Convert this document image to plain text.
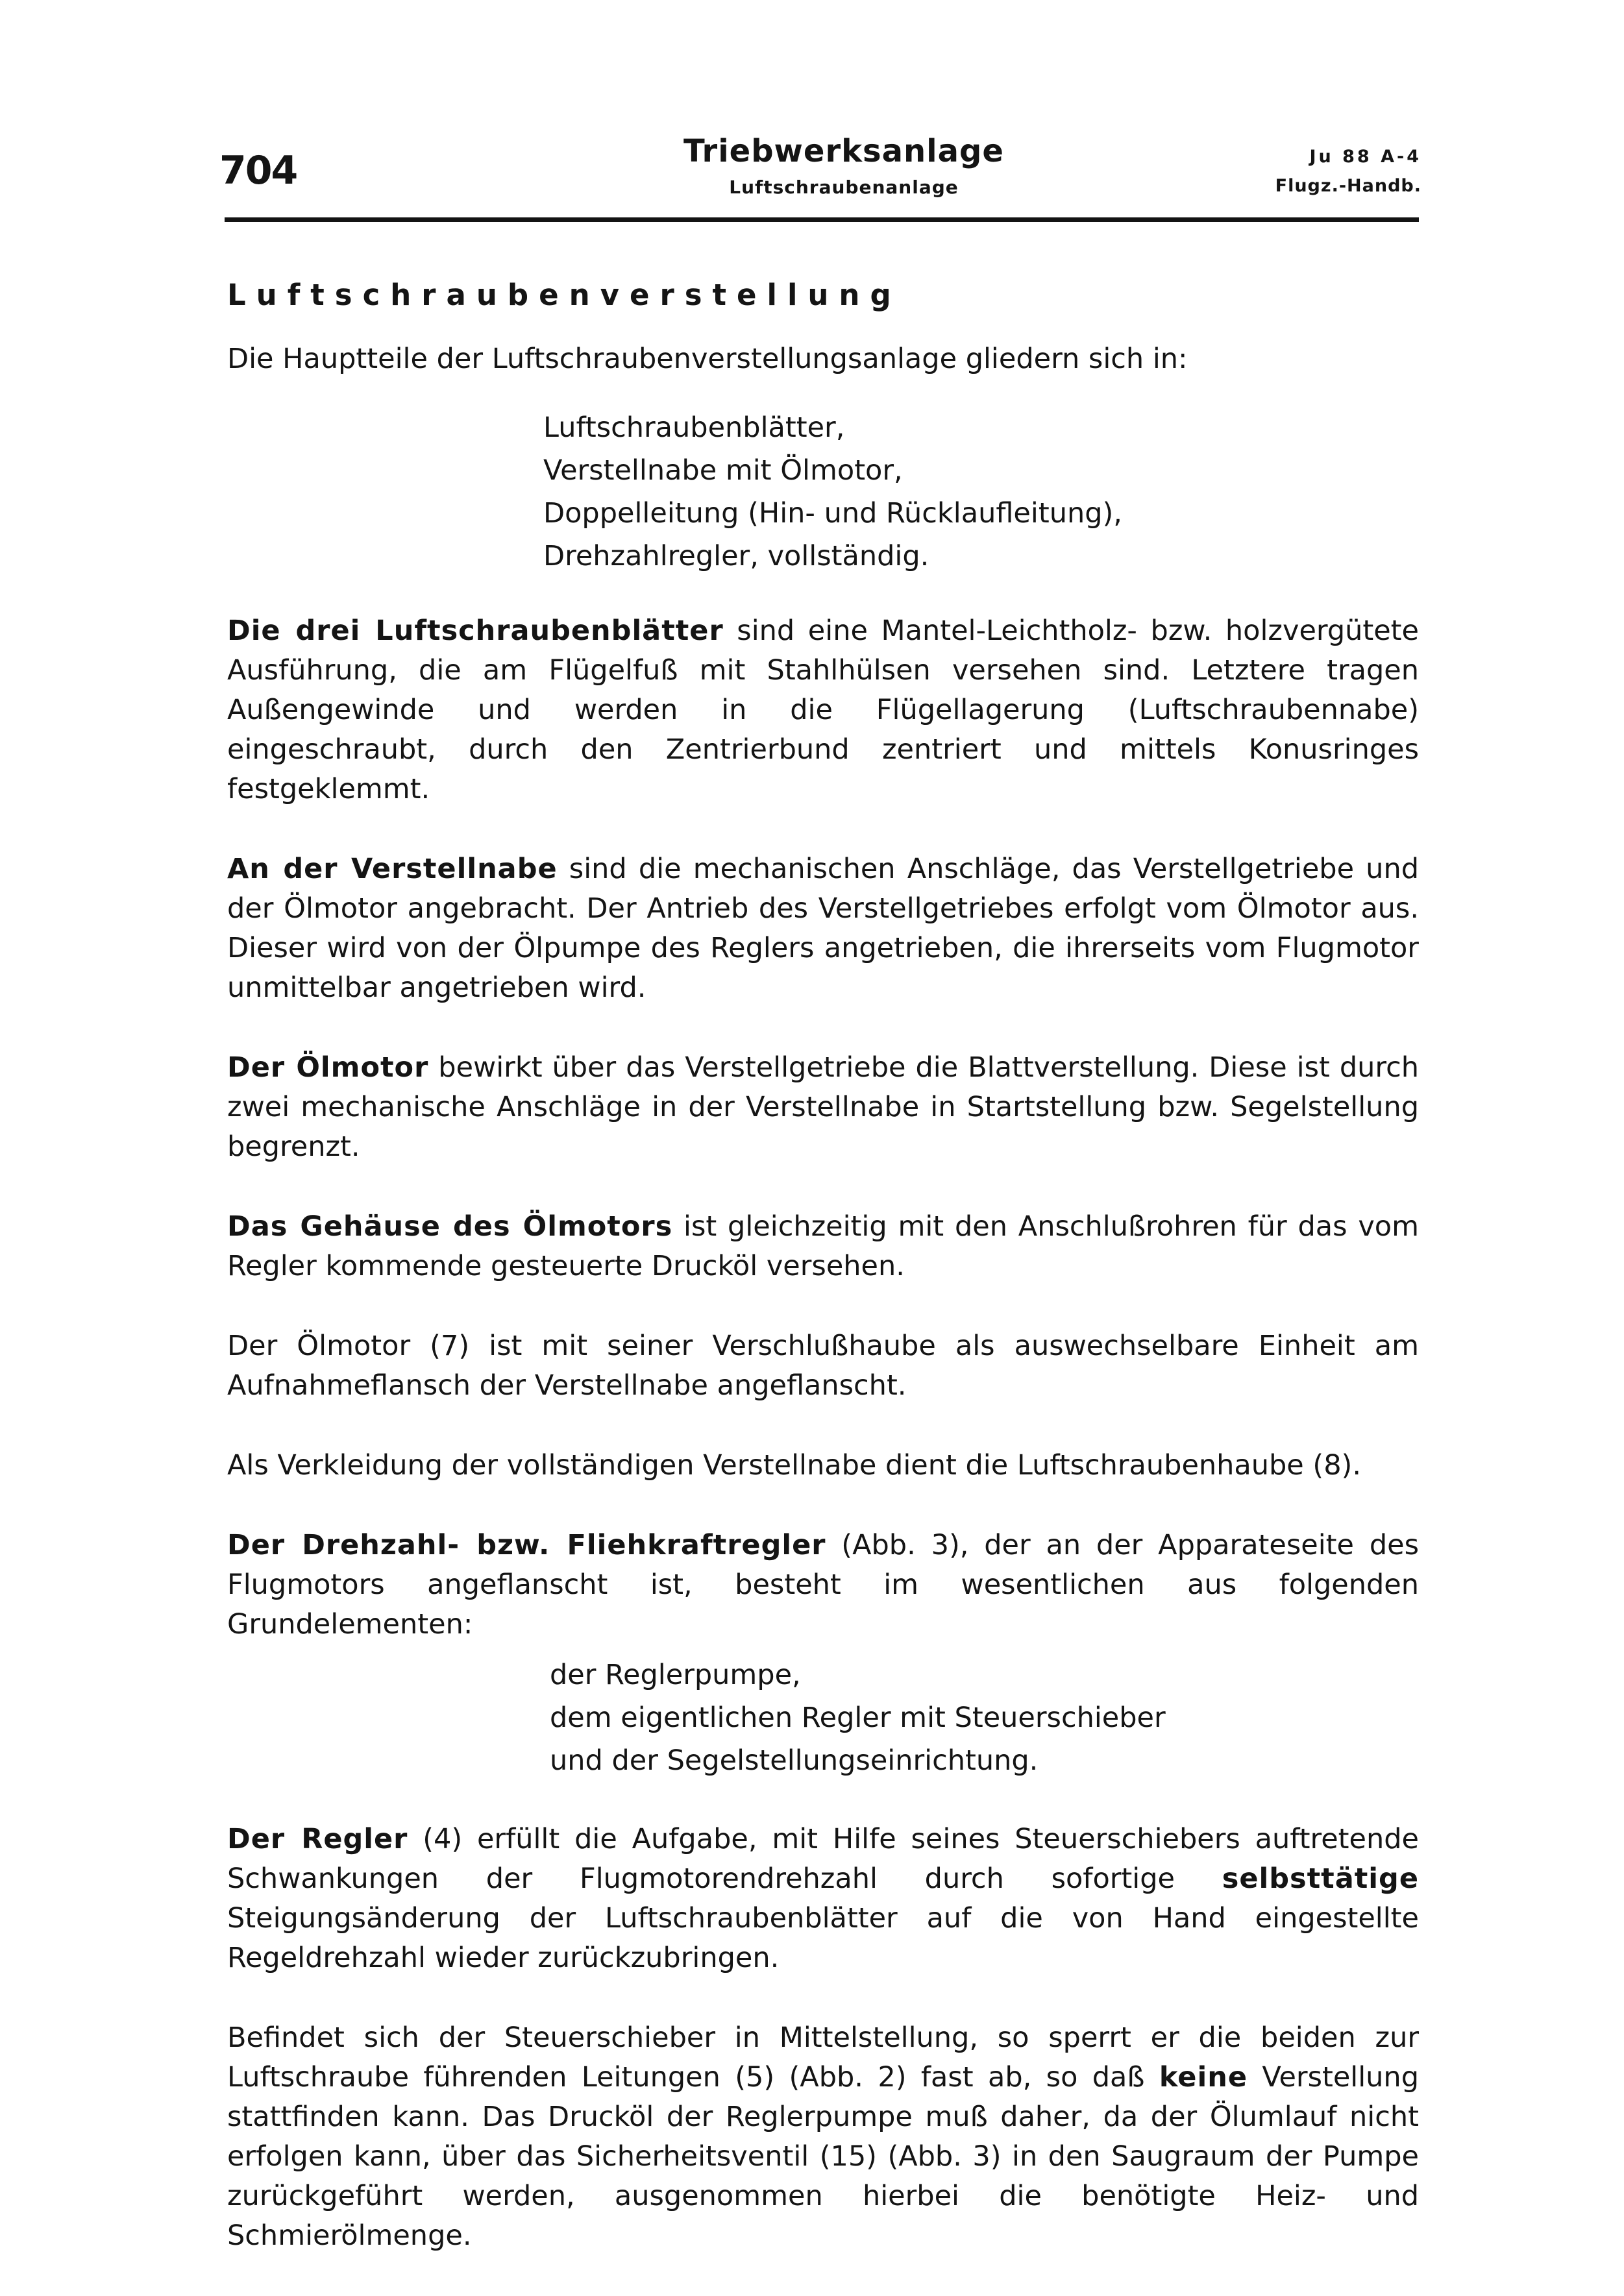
704	Triebwerksanlage
Luftschraubenanlage
Ju 88 A-4
Flugz.-Handb.
Luftschraubenverstellung

Die Hauptteile der Luftschraubenverstellungsanlage gliedern sich in:

Luftschraubenblätter,
Verstellnabe mit Ölmotor,
Doppelleitung (Hin- und Rücklaufleitung),
Drehzahlregler, vollständig.

Die drei Luftschraubenblätter sind eine Mantel-Leichtholz- bzw. holzvergütete Ausführung, die am Flügelfuß mit Stahlhülsen versehen sind. Letztere tragen Außengewinde und werden in die Flügellagerung (Luftschraubennabe) eingeschraubt, durch den Zentrierbund zentriert und mittels Konusringes festgeklemmt.

An der Verstellnabe sind die mechanischen Anschläge, das Verstellgetriebe und der Ölmotor angebracht. Der Antrieb des Verstellgetriebes erfolgt vom Ölmotor aus. Dieser wird von der Ölpumpe des Reglers angetrieben, die ihrerseits vom Flugmotor unmittelbar angetrieben wird.

Der Ölmotor bewirkt über das Verstellgetriebe die Blattverstellung. Diese ist durch zwei mechanische Anschläge in der Verstellnabe in Startstellung bzw. Segelstellung begrenzt.

Das Gehäuse des Ölmotors ist gleichzeitig mit den Anschlußrohren für das vom Regler kommende gesteuerte Drucköl versehen.

Der Ölmotor (7) ist mit seiner Verschlußhaube als auswechselbare Einheit am Aufnahmeflansch der Verstellnabe angeflanscht.

Als Verkleidung der vollständigen Verstellnabe dient die Luftschraubenhaube (8).

Der Drehzahl- bzw. Fliehkraftregler (Abb. 3), der an der Apparateseite des Flugmotors angeflanscht ist, besteht im wesentlichen aus folgenden Grundelementen:

der Reglerpumpe,
dem eigentlichen Regler mit Steuerschieber
und der Segelstellungseinrichtung.

Der Regler (4) erfüllt die Aufgabe, mit Hilfe seines Steuerschiebers auftretende Schwankungen der Flugmotorendrehzahl durch sofortige selbsttätige Steigungsänderung der Luftschraubenblätter auf die von Hand eingestellte Regeldrehzahl wieder zurückzubringen.

Befindet sich der Steuerschieber in Mittelstellung, so sperrt er die beiden zur Luftschraube führenden Leitungen (5) (Abb. 2) fast ab, so daß keine Verstellung stattfinden kann. Das Drucköl der Reglerpumpe muß daher, da der Ölumlauf nicht erfolgen kann, über das Sicherheitsventil (15) (Abb. 3) in den Saugraum der Pumpe zurückgeführt werden, ausgenommen hierbei die benötigte Heiz- und Schmierölmenge.
